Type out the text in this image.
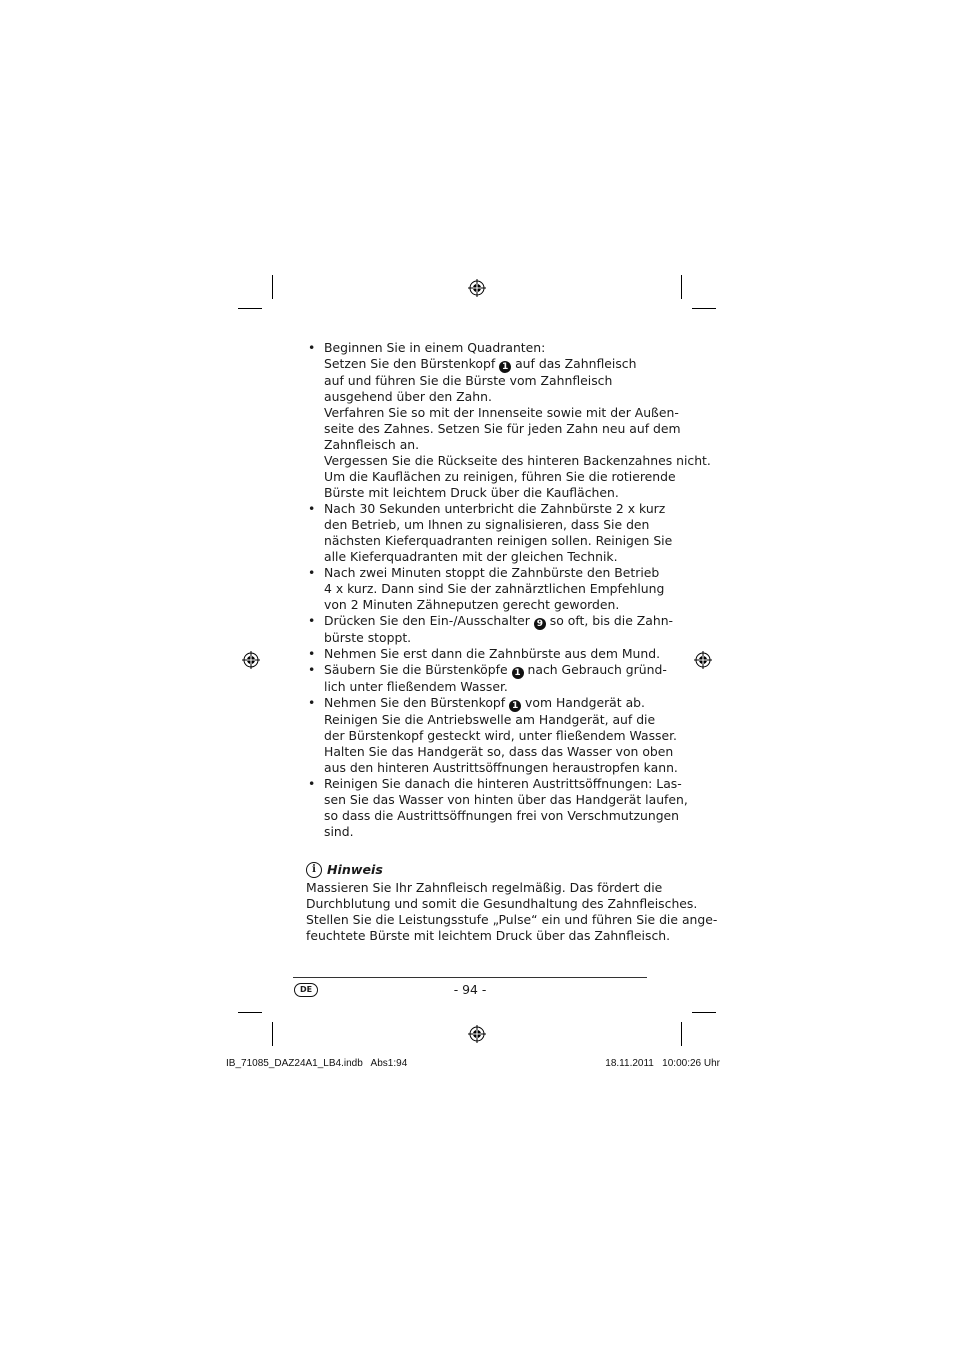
• Beginnen Sie in einem Quadranten:
Setzen Sie den Bürstenkopf 1 auf das Zahnfleisch
auf und führen Sie die Bürste vom Zahnfleisch
ausgehend über den Zahn.
Verfahren Sie so mit der Innenseite sowie mit der Außen-
seite des Zahnes. Setzen Sie für jeden Zahn neu auf dem
Zahnfleisch an.
Vergessen Sie die Rückseite des hinteren Backenzahnes nicht.
Um die Kauflächen zu reinigen, führen Sie die rotierende
Bürste mit leichtem Druck über die Kauflächen.
• Nach 30 Sekunden unterbricht die Zahnbürste 2 x kurz
den Betrieb, um Ihnen zu signalisieren, dass Sie den
nächsten Kieferquadranten reinigen sollen. Reinigen Sie
alle Kieferquadranten mit der gleichen Technik.
• Nach zwei Minuten stoppt die Zahnbürste den Betrieb
4 x kurz. Dann sind Sie der zahnärztlichen Empfehlung
von 2 Minuten Zähneputzen gerecht geworden.
• Drücken Sie den Ein-/Ausschalter 9 so oft, bis die Zahn-
bürste stoppt.
• Nehmen Sie erst dann die Zahnbürste aus dem Mund.
• Säubern Sie die Bürstenköpfe 1 nach Gebrauch gründ-
lich unter fließendem Wasser.
• Nehmen Sie den Bürstenkopf 1 vom Handgerät ab.
Reinigen Sie die Antriebswelle am Handgerät, auf die
der Bürstenkopf gesteckt wird, unter fließendem Wasser.
Halten Sie das Handgerät so, dass das Wasser von oben
aus den hinteren Austrittsöffnungen heraustropfen kann.
• Reinigen Sie danach die hinteren Austrittsöffnungen: Las-
sen Sie das Wasser von hinten über das Handgerät laufen,
so dass die Austrittsöffnungen frei von Verschmutzungen
sind.
i Hinweis
Massieren Sie Ihr Zahnfleisch regelmäßig. Das fördert die
Durchblutung und somit die Gesundhaltung des Zahnfleisches.
Stellen Sie die Leistungsstufe „Pulse“ ein und führen Sie die ange-
feuchtete Bürste mit leichtem Druck über das Zahnfleisch.
DE	- 94 -
IB_71085_DAZ24A1_LB4.indb   Abs1:94	18.11.2011   10:00:26 Uhr
